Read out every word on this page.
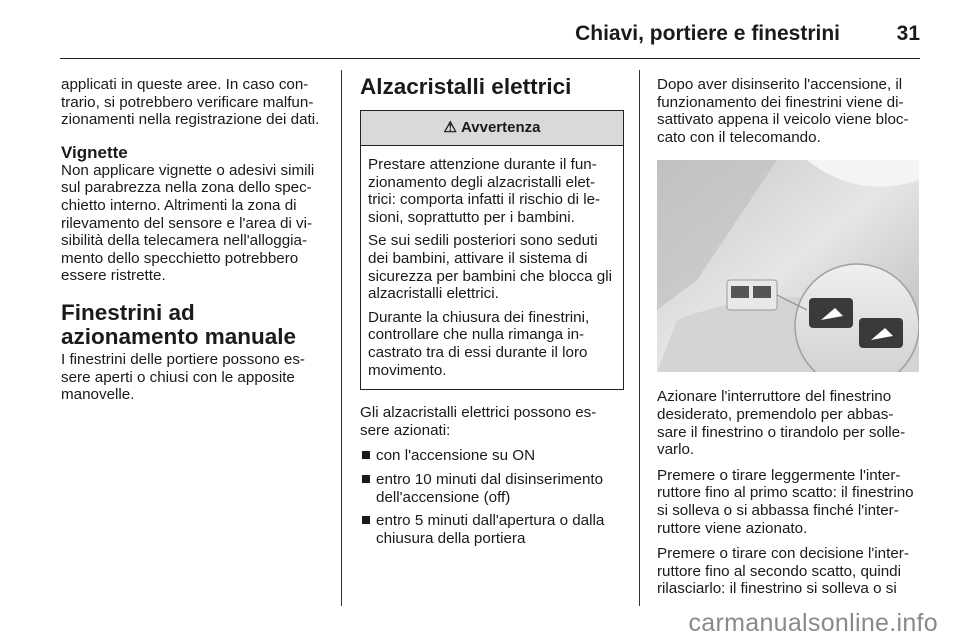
Chiavi, portiere e finestrini	31

applicati in queste aree. In caso con-trario, si potrebbero verificare malfun-zionamenti nella registrazione dei dati.

Vignette

Non applicare vignette o adesivi simili sul parabrezza nella zona dello spec-chietto interno. Altrimenti la zona di rilevamento del sensore e l'area di vi-sibilità della telecamera nell'alloggia-mento dello specchietto potrebbero essere ristrette.

Finestrini ad azionamento manuale

I finestrini delle portiere possono es-sere aperti o chiusi con le apposite manovelle.

Alzacristalli elettrici
⚠ Avvertenza

Prestare attenzione durante il fun-zionamento degli alzacristalli elet-trici: comporta infatti il rischio di le-sioni, soprattutto per i bambini.

Se sui sedili posteriori sono seduti dei bambini, attivare il sistema di sicurezza per bambini che blocca gli alzacristalli elettrici.

Durante la chiusura dei finestrini, controllare che nulla rimanga in-castrato tra di essi durante il loro movimento.

Gli alzacristalli elettrici possono es-sere azionati:

con l'accensione su ON
entro 10 minuti dal disinserimento dell'accensione (off)
entro 5 minuti dall'apertura o dalla chiusura della portiera

Dopo aver disinserito l'accensione, il funzionamento dei finestrini viene di-sattivato appena il veicolo viene bloc-cato con il telecomando.

Azionare l'interruttore del finestrino desiderato, premendolo per abbas-sare il finestrino o tirandolo per solle-varlo.

Premere o tirare leggermente l'inter-ruttore fino al primo scatto: il finestrino si solleva o si abbassa finché l'inter-ruttore viene azionato.

Premere o tirare con decisione l'inter-ruttore fino al secondo scatto, quindi rilasciarlo: il finestrino si solleva o si

carmanualsonline.info
